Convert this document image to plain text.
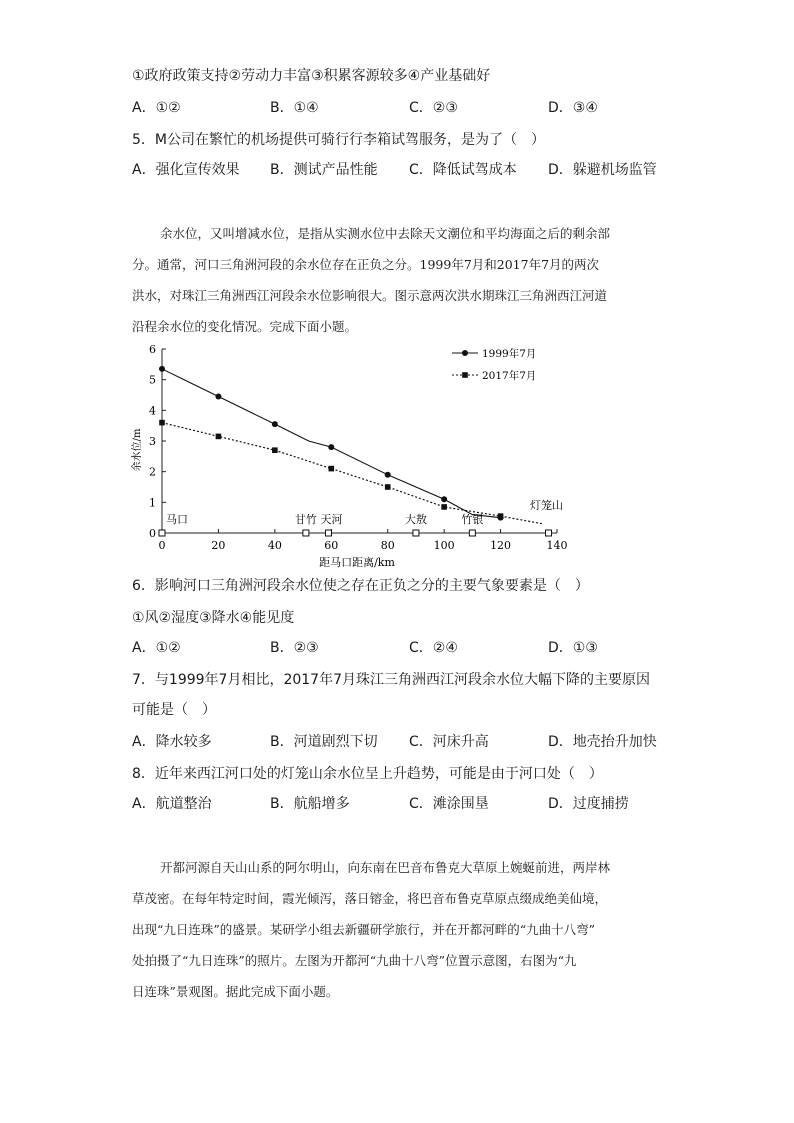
①政府政策支持②劳动力丰富③积累客源较多④产业基础好
A．①②	B．①④	C．②③	D．③④
5．M公司在繁忙的机场提供可骑行行李箱试驾服务，是为了（　）
A．强化宣传效果 B．测试产品性能 C．降低试驾成本 D．躲避机场监管
余水位，又叫增减水位，是指从实测水位中去除天文潮位和平均海面之后的剩余部
分。通常，河口三角洲河段的余水位存在正负之分。1999年7月和2017年7月的两次
洪水，对珠江三角洲西江河段余水位影响很大。图示意两次洪水期珠江三角洲西江河道
沿程余水位的变化情况。完成下面小题。
0
1
2
3
4
5
6
0	20	40	60	80	100	120	140
马口	甘竹 天河	大敖	竹银
灯笼山
1999年7月
2017年7月
余水位/m
距马口距离/km
6．影响河口三角洲河段余水位使之存在正负之分的主要气象要素是（　）
①风②湿度③降水④能见度
A．①②	B．②③	C．②④	D．①③
7．与1999年7月相比，2017年7月珠江三角洲西江河段余水位大幅下降的主要原因
可能是（　）
A．降水较多	B．河道剧烈下切 C．河床升高	D．地壳抬升加快
8．近年来西江河口处的灯笼山余水位呈上升趋势，可能是由于河口处（　）
A．航道整治	B．航船增多	C．滩涂围垦	D．过度捕捞
开都河源自天山山系的阿尔明山，向东南在巴音布鲁克大草原上婉蜒前进，两岸林
草茂密。在每年特定时间，霞光倾泻，落日镕金，将巴音布鲁克草原点缀成绝美仙境，
出现“九日连珠”的盛景。某研学小组去新疆研学旅行，并在开都河畔的“九曲十八弯”
处拍摄了“九日连珠”的照片。左图为开都河“九曲十八弯”位置示意图，右图为“九
日连珠”景观图。据此完成下面小题。
